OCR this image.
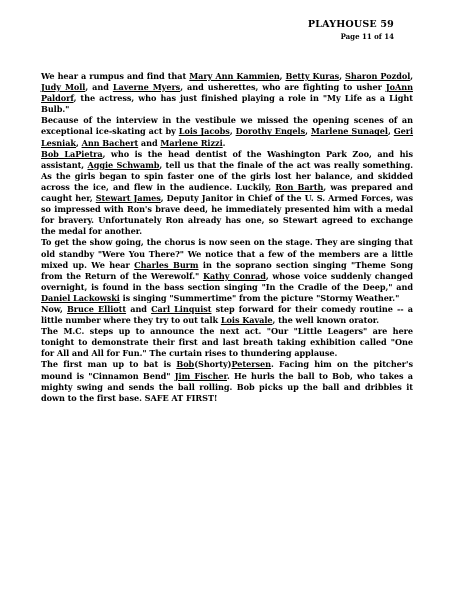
PLAYHOUSE 59
Page 11 of 14

We hear a rumpus and find that Mary Ann Kammien, Betty Kuras, Sharon Pozdol, Judy Moll, and Laverne Myers, and usherettes, who are fighting to usher JoAnn Paldorf, the actress, who has just finished playing a role in "My Life as a Light Bulb."

Because of the interview in the vestibule we missed the opening scenes of an exceptional ice-skating act by Lois Jacobs, Dorothy Engels, Marlene Sunagel, Geri Lesniak, Ann Bachert and Marlene Rizzi.

Bob LaPietra, who is the head dentist of the Washington Park Zoo, and his assistant, Aggie Schwamb, tell us that the finale of the act was really something. As the girls began to spin faster one of the girls lost her balance, and skidded across the ice, and flew in the audience. Luckily, Ron Barth, was prepared and caught her, Stewart James, Deputy Janitor in Chief of the U. S. Armed Forces, was so impressed with Ron's brave deed, he immediately presented him with a medal for bravery. Unfortunately Ron already has one, so Stewart agreed to exchange the medal for another.

To get the show going, the chorus is now seen on the stage. They are singing that old standby "Were You There?" We notice that a few of the members are a little mixed up. We hear Charles Burm in the soprano section singing "Theme Song from the Return of the Werewolf." Kathy Conrad, whose voice suddenly changed overnight, is found in the bass section singing "In the Cradle of the Deep," and Daniel Lackowski is singing "Summertime" from the picture "Stormy Weather."

Now, Bruce Elliott and Carl Linquist step forward for their comedy routine -- a little number where they try to out talk Lois Kavale, the well known orator.

The M.C. steps up to announce the next act. "Our "Little Leagers" are here tonight to demonstrate their first and last breath taking exhibition called "One for All and All for Fun." The curtain rises to thundering applause.

The first man up to bat is Bob(Shorty)Petersen. Facing him on the pitcher's mound is "Cinnamon Bend" Jim Fischer. He hurls the ball to Bob, who takes a mighty swing and sends the ball rolling. Bob picks up the ball and dribbles it down to the first base. SAFE AT FIRST!
